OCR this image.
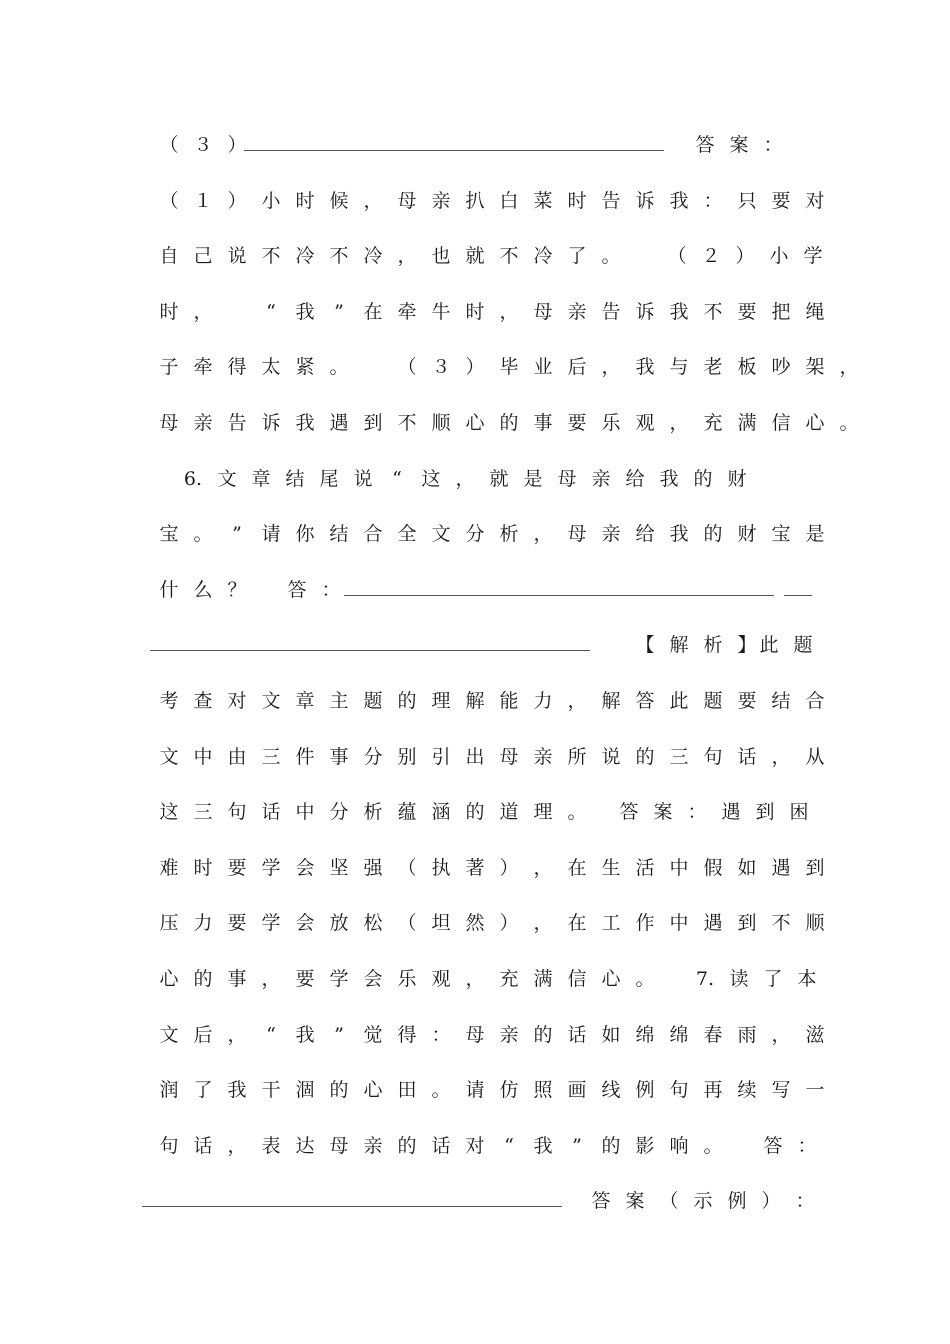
（ ３ ）	答 案 ：
（ １ ） 小 时 候 ， 母 亲 扒 白 菜 时 告 诉 我 ： 只 要 对
自 己 说 不 冷 不 冷 ， 也 就 不 冷 了 。	（ ２ ） 小 学
时 ，	“	我	”	在 牵 牛 时 ， 母 亲 告 诉 我 不 要 把 绳
子 牵 得 太 紧 。	（ ３ ） 毕 业 后 ， 我 与 老 板 吵 架 ，
母 亲 告 诉 我 遇 到 不 顺 心 的 事 要 乐 观 ， 充 满 信 心 。
6. 文 章 结 尾 说	“	这 ， 就 是 母 亲 给 我 的 财
宝 。	”	请 你 结 合 全 文 分 析 ， 母 亲 给 我 的 财 宝 是
什 么 ？	答 ：
【 解 析 】 此 题
考 查 对 文 章 主 题 的 理 解 能 力 ， 解 答 此 题 要 结 合
文 中 由 三 件 事 分 别 引 出 母 亲 所 说 的 三 句 话 ， 从
这 三 句 话 中 分 析 蕴 涵 的 道 理 。	答 案 ： 遇 到 困
难 时 要 学 会 坚 强 （ 执 著 ） ， 在 生 活 中 假 如 遇 到
压 力 要 学 会 放 松 （ 坦 然 ） ， 在 工 作 中 遇 到 不 顺
心 的 事 ， 要 学 会 乐 观 ， 充 满 信 心 。	7. 读 了 本
文 后 ，	“	我	”	觉 得 ： 母 亲 的 话 如 绵 绵 春 雨 ， 滋
润 了 我 干 涸 的 心 田 。 请 仿 照 画 线 例 句 再 续 写 一
句 话 ， 表 达 母 亲 的 话 对	“	我	”	的 影 响 。	答 ：
答 案 （ 示 例 ） ：
